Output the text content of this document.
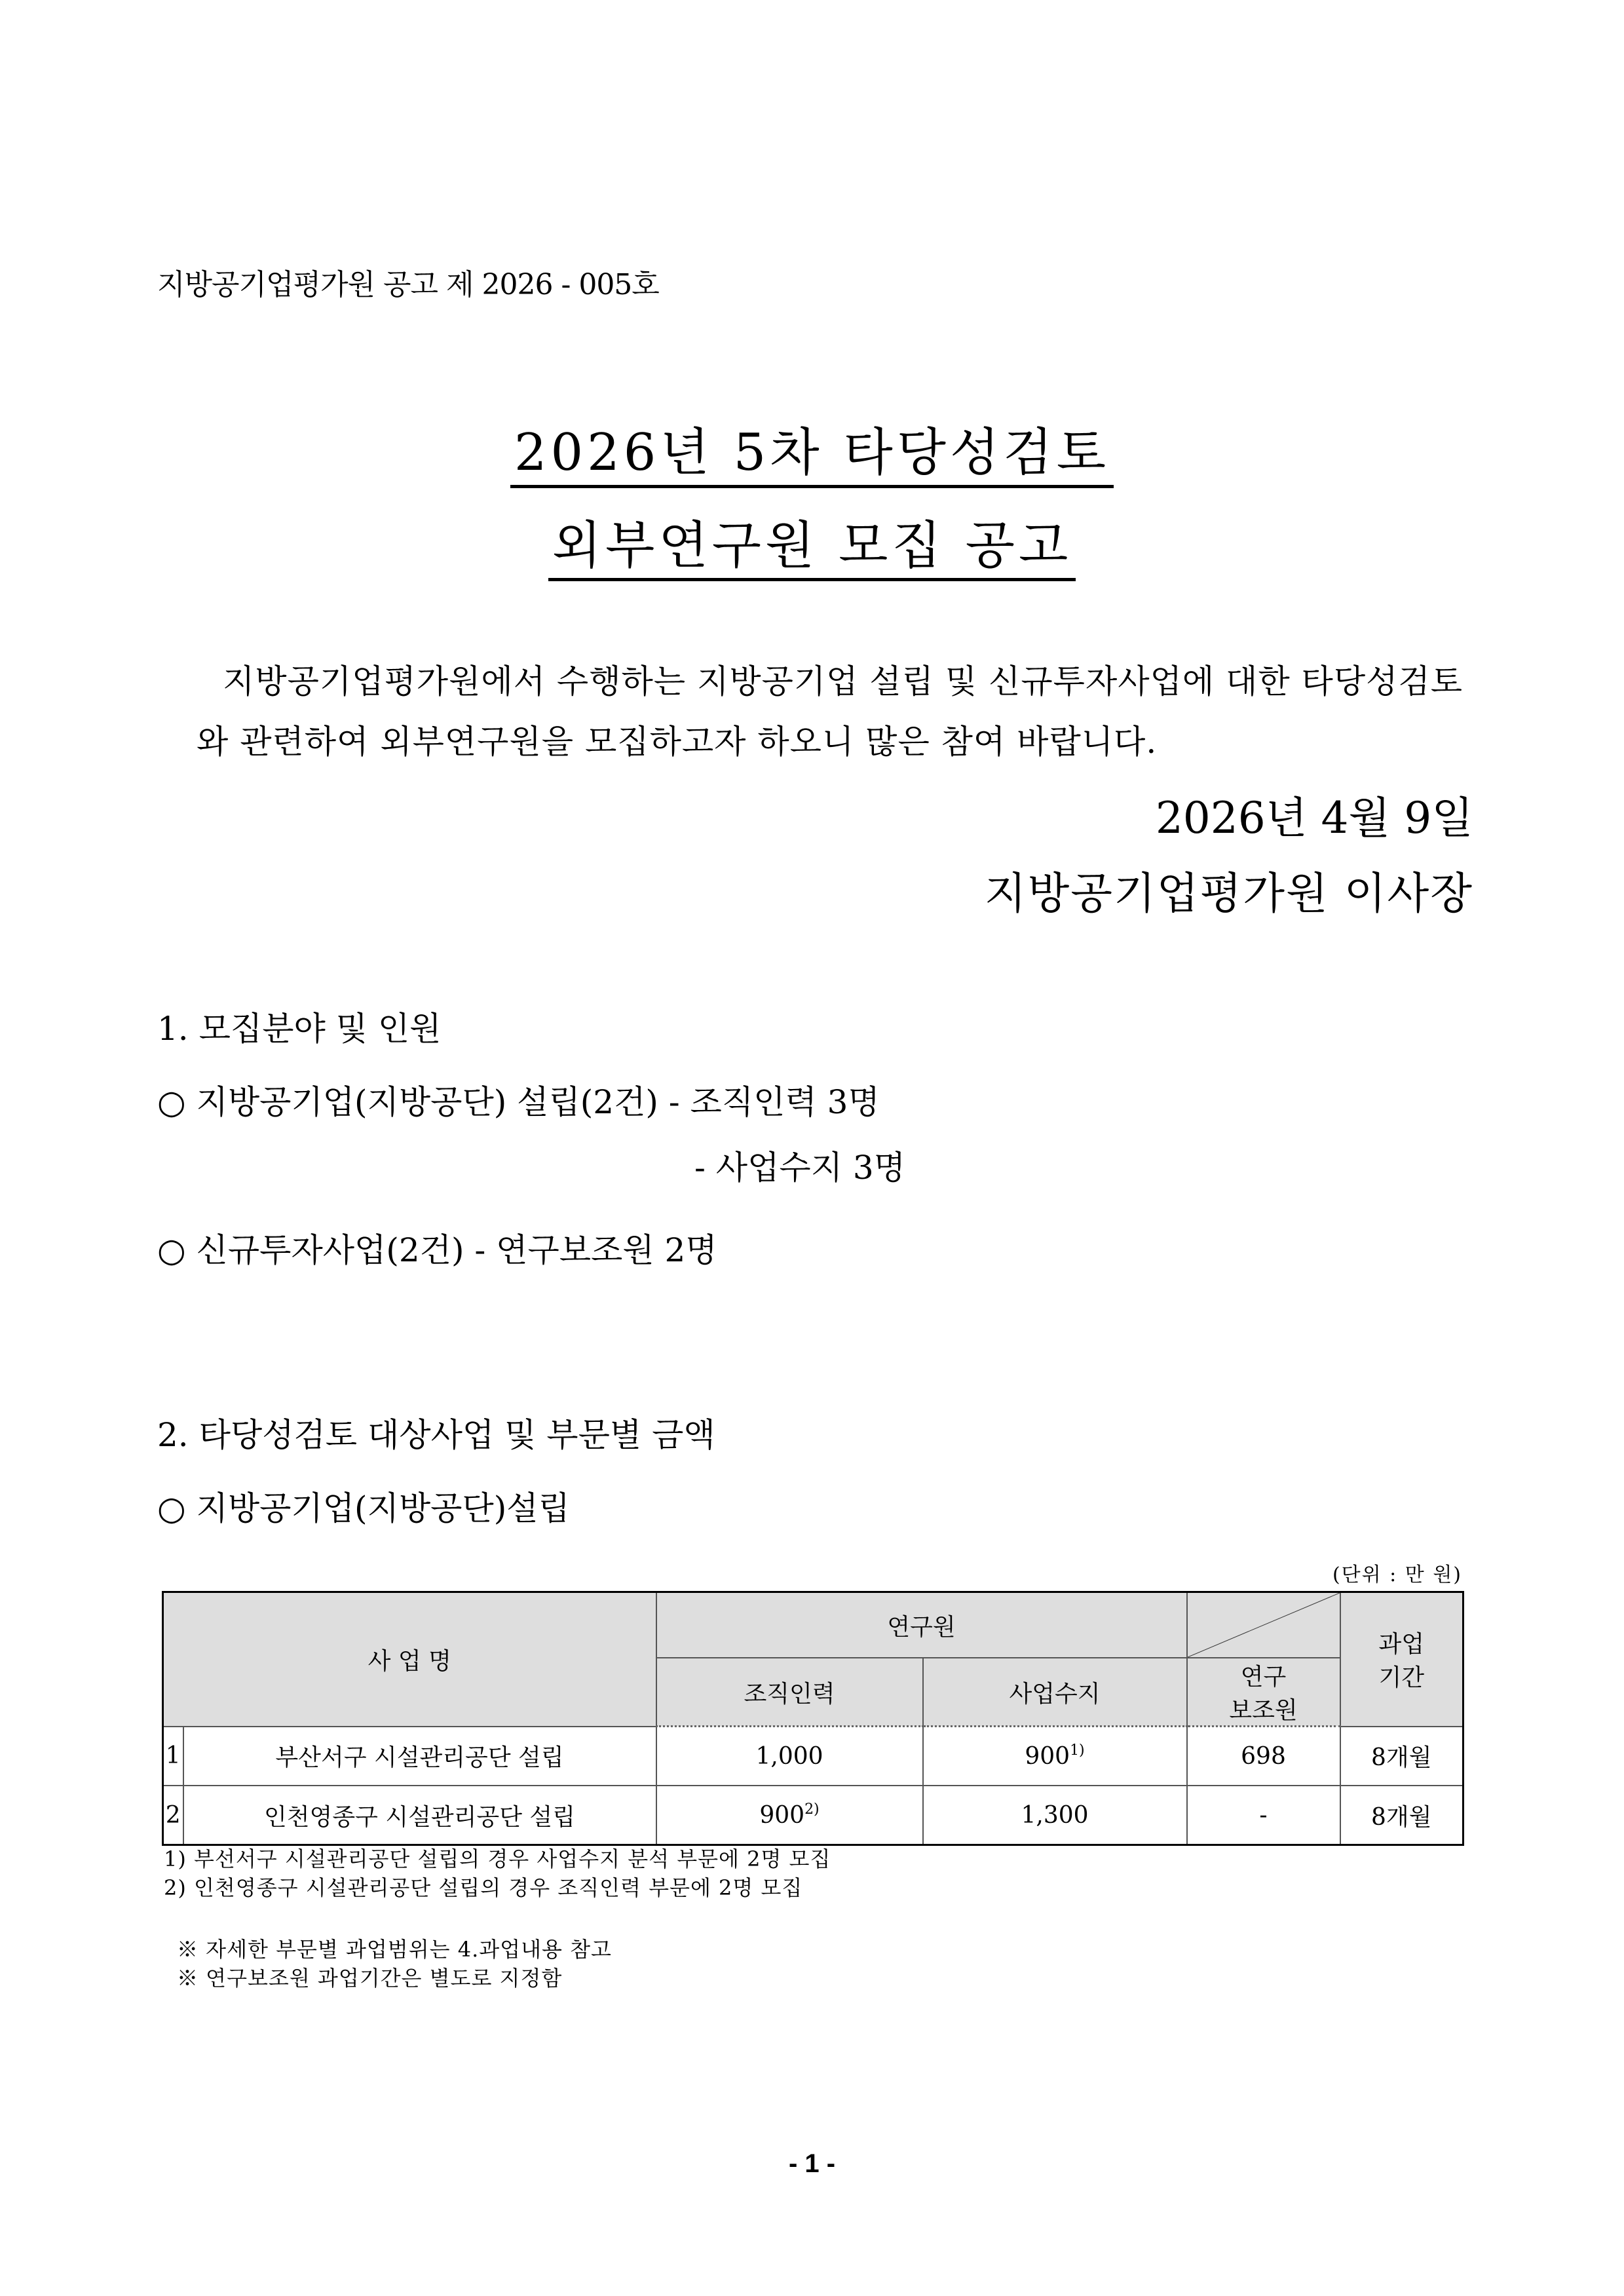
지방공기업평가원 공고 제 2026 - 005호
2026년 5차 타당성검토
외부연구원 모집 공고
지방공기업평가원에서 수행하는 지방공기업 설립 및 신규투자사업에 대한 타당성검토
와 관련하여 외부연구원을 모집하고자 하오니 많은 참여 바랍니다.
2026년 4월 9일
지방공기업평가원 이사장
1. 모집분야 및 인원
○ 지방공기업(지방공단) 설립(2건) - 조직인력 3명
- 사업수지 3명
○ 신규투자사업(2건) - 연구보조원 2명
2. 타당성검토 대상사업 및 부문별 금액
○ 지방공기업(지방공단)설립
(단위 : 만 원)
사 업 명		연구원			과업
기간

		조직인력	사업수지	연구
보조원	

1	부산서구 시설관리공단 설립	1,000	900$^{1)}$	698	8개월
2	인천영종구 시설관리공단 설립	900$^{2)}$	1,300	-	8개월
1) 부선서구 시설관리공단 설립의 경우 사업수지 분석 부문에 2명 모집
2) 인천영종구 시설관리공단 설립의 경우 조직인력 부문에 2명 모집
※ 자세한 부문별 과업범위는 4.과업내용 참고
※ 연구보조원 과업기간은 별도로 지정함
- 1 -
